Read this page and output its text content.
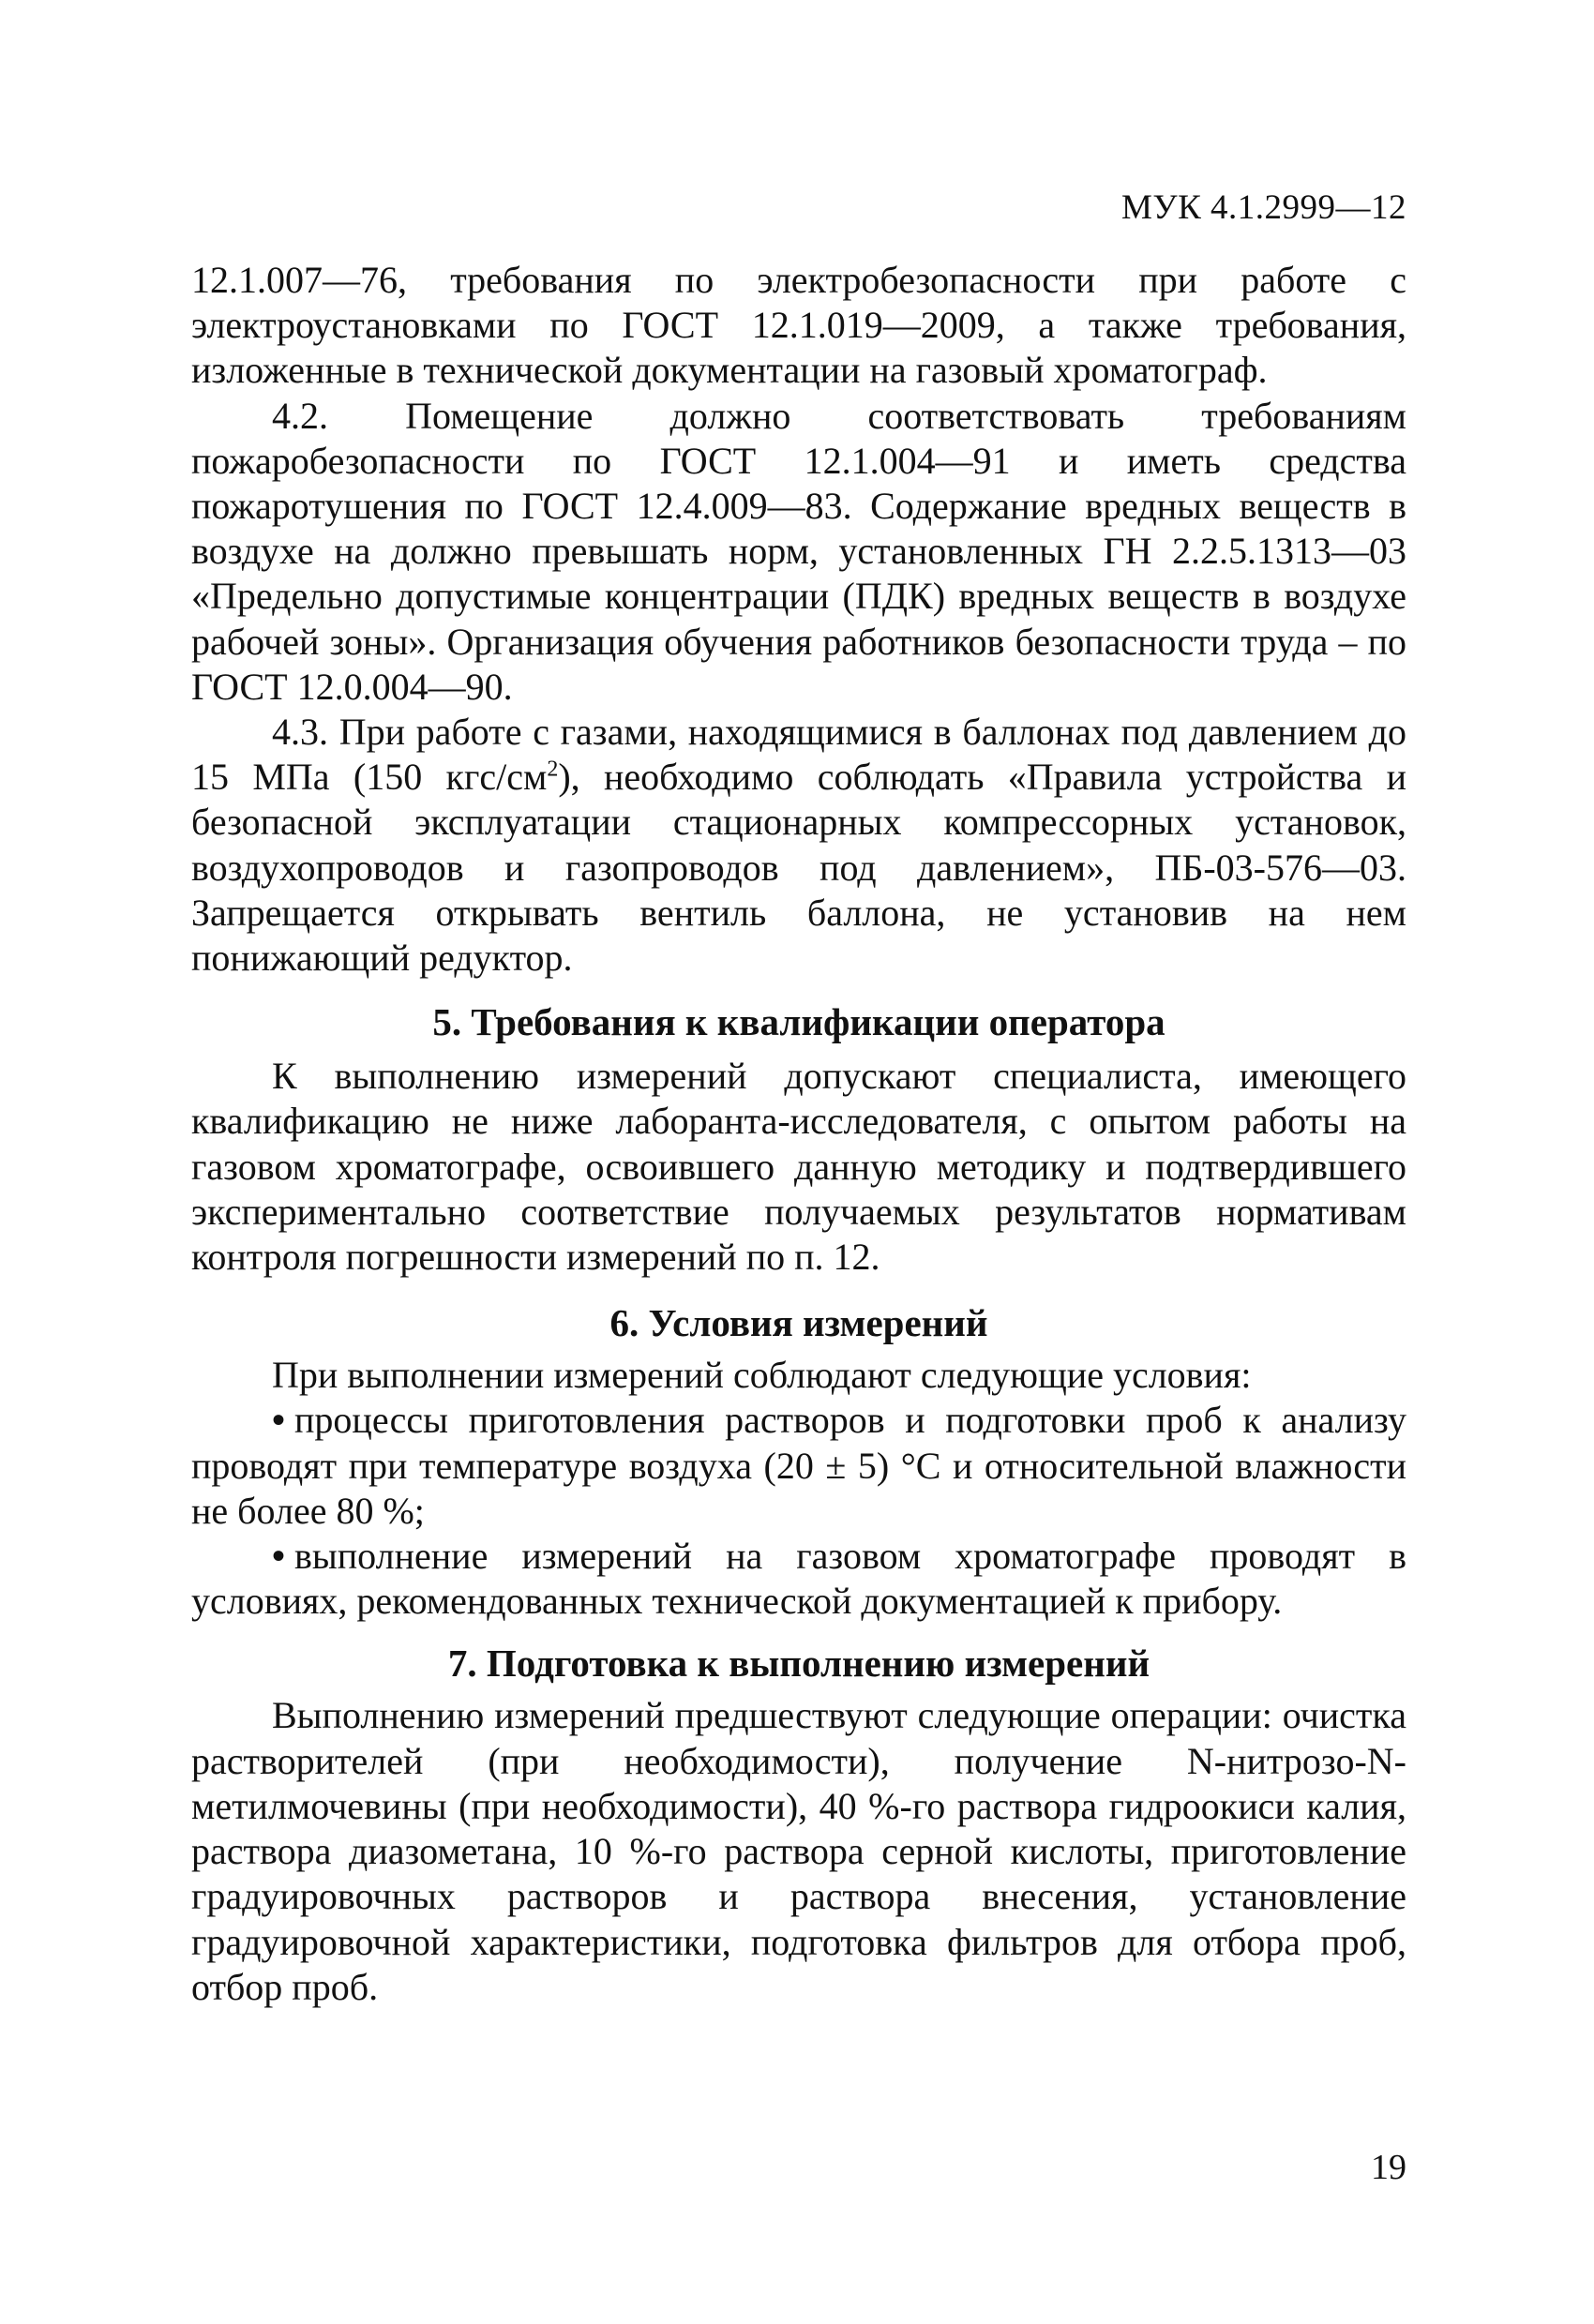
МУК 4.1.2999—12

12.1.007—76, требования по электробезопасности при работе с электроустановками по ГОСТ 12.1.019—2009, а также требования, изложенные в технической документации на газовый хроматограф.

4.2. Помещение должно соответствовать требованиям пожаробезопасности по ГОСТ 12.1.004—91 и иметь средства пожаротушения по ГОСТ 12.4.009—83. Содержание вредных веществ в воздухе на должно превышать норм, установленных ГН 2.2.5.1313—03 «Предельно допустимые концентрации (ПДК) вредных веществ в воздухе рабочей зоны». Организация обучения работников безопасности труда – по ГОСТ 12.0.004—90.

4.3. При работе с газами, находящимися в баллонах под давлением до 15 МПа (150 кгс/$см^2$), необходимо соблюдать «Правила устройства и безопасной эксплуатации стационарных компрессорных установок, воздухопроводов и газопроводов под давлением», ПБ-03-576—03. Запрещается открывать вентиль баллона, не установив на нем понижающий редуктор.

5. Требования к квалификации оператора

К выполнению измерений допускают специалиста, имеющего квалификацию не ниже лаборанта-исследователя, с опытом работы на газовом хроматографе, освоившего данную методику и подтвердившего экспериментально соответствие получаемых результатов нормативам контроля погрешности измерений по п. 12.

6. Условия измерений

При выполнении измерений соблюдают следующие условия:

• процессы приготовления растворов и подготовки проб к анализу проводят при температуре воздуха (20 ± 5) °С и относительной влажности не более 80 %;

• выполнение измерений на газовом хроматографе проводят в условиях, рекомендованных технической документацией к прибору.

7. Подготовка к выполнению измерений

Выполнению измерений предшествуют следующие операции: очистка растворителей (при необходимости), получение N-нитрозо-N-метилмочевины (при необходимости), 40 %-го раствора гидроокиси калия, раствора диазометана, 10 %-го раствора серной кислоты, приготовление градуировочных растворов и раствора внесения, установление градуировочной характеристики, подготовка фильтров для отбора проб, отбор проб.

19
